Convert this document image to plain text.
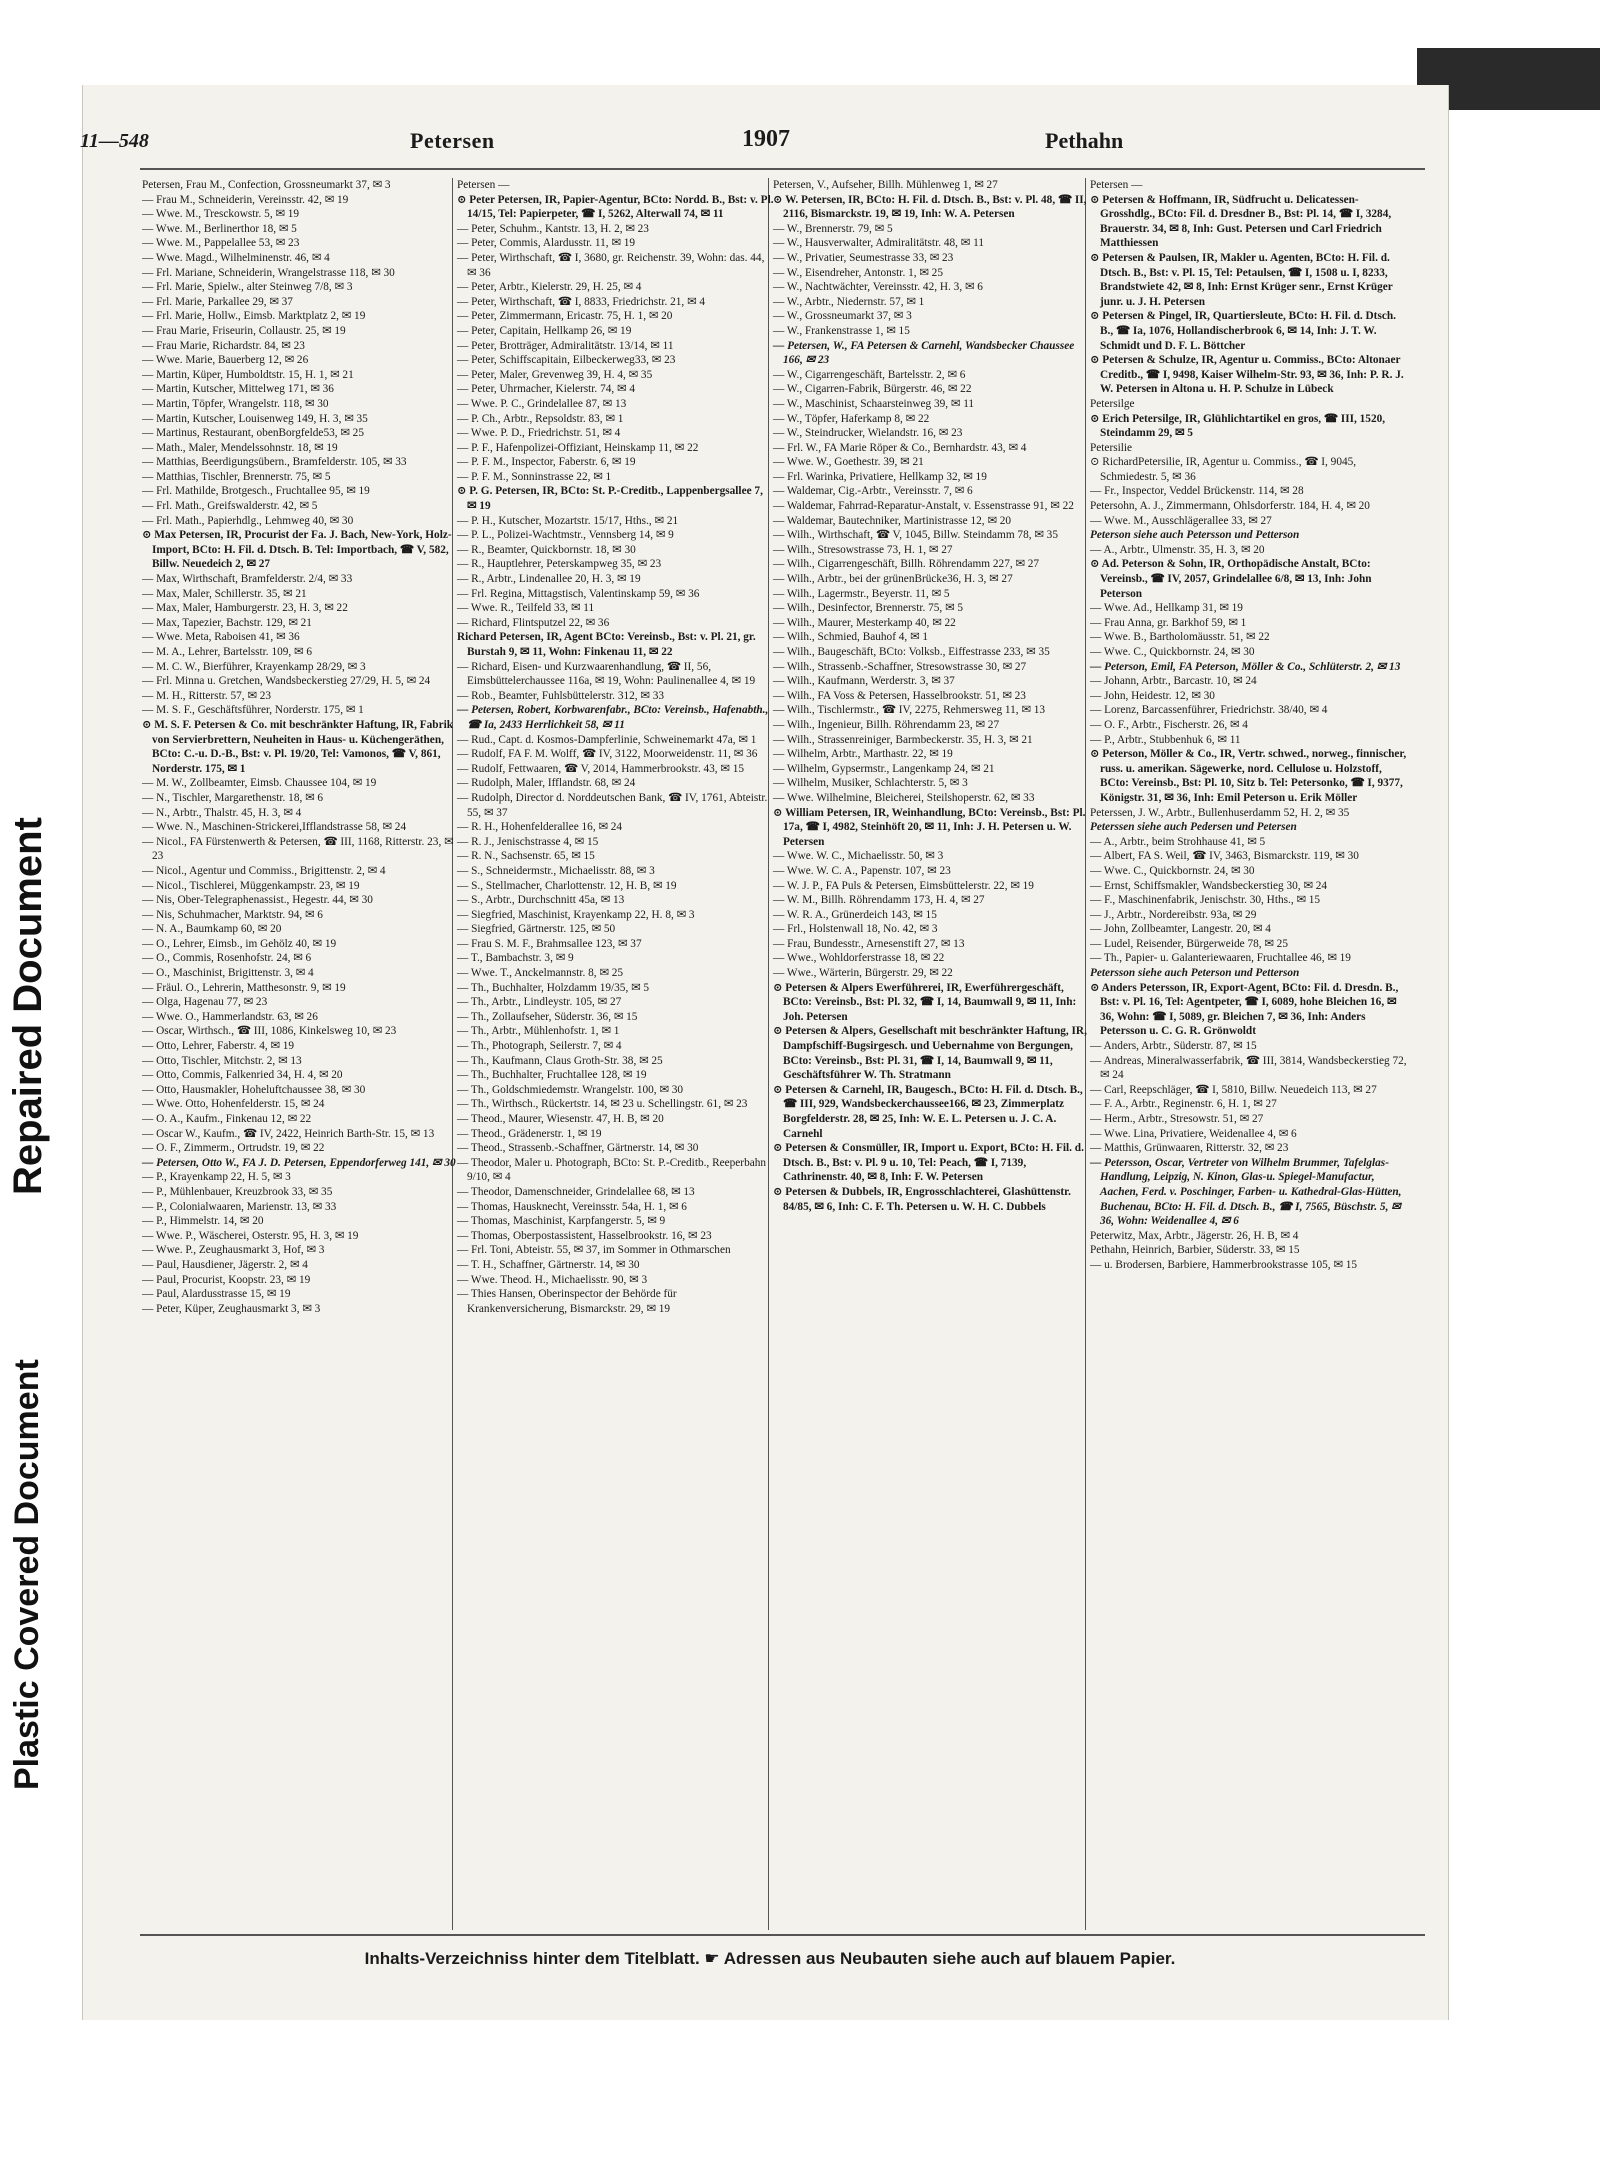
Repaired Document
Plastic Covered Document
11—548	Petersen	1907	Pethahn
Petersen, Frau M., Confection, Grossneumarkt 37, ✉ 3
— Frau M., Schneiderin, Vereinsstr. 42, ✉ 19
— Wwe. M., Tresckowstr. 5, ✉ 19
— Wwe. M., Berlinerthor 18, ✉ 5
— Wwe. M., Pappelallee 53, ✉ 23
— Wwe. Magd., Wilhelminenstr. 46, ✉ 4
— Frl. Mariane, Schneiderin, Wrangelstrasse 118, ✉ 30
— Frl. Marie, Spielw., alter Steinweg 7/8, ✉ 3
— Frl. Marie, Parkallee 29, ✉ 37
— Frl. Marie, Hollw., Eimsb. Marktplatz 2, ✉ 19
— Frau Marie, Friseurin, Collaustr. 25, ✉ 19
— Frau Marie, Richardstr. 84, ✉ 23
— Wwe. Marie, Bauerberg 12, ✉ 26
— Martin, Küper, Humboldtstr. 15, H. 1, ✉ 21
— Martin, Kutscher, Mittelweg 171, ✉ 36
— Martin, Töpfer, Wrangelstr. 118, ✉ 30
— Martin, Kutscher, Louisenweg 149, H. 3, ✉ 35
— Martinus, Restaurant, obenBorgfelde53, ✉ 25
— Math., Maler, Mendelssohnstr. 18, ✉ 19
— Matthias, Beerdigungsübern., Bramfelderstr. 105, ✉ 33
— Matthias, Tischler, Brennerstr. 75, ✉ 5
— Frl. Mathilde, Brotgesch., Fruchtallee 95, ✉ 19
— Frl. Math., Greifswalderstr. 42, ✉ 5
— Frl. Math., Papierhdlg., Lehmweg 40, ✉ 30
⊙ Max Petersen, IR, Procurist der Fa. J. Bach, New-York, Holz-Import, BCto: H. Fil. d. Dtsch. B. Tel: Importbach, ☎ V, 582, Billw. Neuedeich 2, ✉ 27
— Max, Wirthschaft, Bramfelderstr. 2/4, ✉ 33
— Max, Maler, Schillerstr. 35, ✉ 21
— Max, Maler, Hamburgerstr. 23, H. 3, ✉ 22
— Max, Tapezier, Bachstr. 129, ✉ 21
— Wwe. Meta, Raboisen 41, ✉ 36
— M. A., Lehrer, Bartelsstr. 109, ✉ 6
— M. C. W., Bierführer, Krayenkamp 28/29, ✉ 3
— Frl. Minna u. Gretchen, Wandsbeckerstieg 27/29, H. 5, ✉ 24
— M. H., Ritterstr. 57, ✉ 23
— M. S. F., Geschäftsführer, Norderstr. 175, ✉ 1
⊙ M. S. F. Petersen & Co. mit beschränkter Haftung, IR, Fabrik von Servierbrettern, Neuheiten in Haus- u. Küchengeräthen, BCto: C.-u. D.-B., Bst: v. Pl. 19/20, Tel: Vamonos, ☎ V, 861, Norderstr. 175, ✉ 1
— M. W., Zollbeamter, Eimsb. Chaussee 104, ✉ 19
— N., Tischler, Margarethenstr. 18, ✉ 6
— N., Arbtr., Thalstr. 45, H. 3, ✉ 4
— Wwe. N., Maschinen-Strickerei,Ifflandstrasse 58, ✉ 24
— Nicol., FA Fürstenwerth & Petersen, ☎ III, 1168, Ritterstr. 23, ✉ 23
— Nicol., Agentur und Commiss., Brigittenstr. 2, ✉ 4
— Nicol., Tischlerei, Müggenkampstr. 23, ✉ 19
— Nis, Ober-Telegraphenassist., Hegestr. 44, ✉ 30
— Nis, Schuhmacher, Marktstr. 94, ✉ 6
— N. A., Baumkamp 60, ✉ 20
— O., Lehrer, Eimsb., im Gehölz 40, ✉ 19
— O., Commis, Rosenhofstr. 24, ✉ 6
— O., Maschinist, Brigittenstr. 3, ✉ 4
— Fräul. O., Lehrerin, Matthesonstr. 9, ✉ 19
— Olga, Hagenau 77, ✉ 23
— Wwe. O., Hammerlandstr. 63, ✉ 26
— Oscar, Wirthsch., ☎ III, 1086, Kinkelsweg 10, ✉ 23
— Otto, Lehrer, Faberstr. 4, ✉ 19
— Otto, Tischler, Mitchstr. 2, ✉ 13
— Otto, Commis, Falkenried 34, H. 4, ✉ 20
— Otto, Hausmakler, Hoheluftchaussee 38, ✉ 30
— Wwe. Otto, Hohenfelderstr. 15, ✉ 24
— O. A., Kaufm., Finkenau 12, ✉ 22
— Oscar W., Kaufm., ☎ IV, 2422, Heinrich Barth-Str. 15, ✉ 13
— O. F., Zimmerm., Ortrudstr. 19, ✉ 22
— Petersen, Otto W., FA J. D. Petersen, Eppendorferweg 141, ✉ 30
— P., Krayenkamp 22, H. 5, ✉ 3
— P., Mühlenbauer, Kreuzbrook 33, ✉ 35
— P., Colonialwaaren, Marienstr. 13, ✉ 33
— P., Himmelstr. 14, ✉ 20
— Wwe. P., Wäscherei, Osterstr. 95, H. 3, ✉ 19
— Wwe. P., Zeughausmarkt 3, Hof, ✉ 3
— Paul, Hausdiener, Jägerstr. 2, ✉ 4
— Paul, Procurist, Koopstr. 23, ✉ 19
— Paul, Alardusstrasse 15, ✉ 19
— Peter, Küper, Zeughausmarkt 3, ✉ 3
Petersen —
⊙ Peter Petersen, IR, Papier-Agentur, BCto: Nordd. B., Bst: v. Pl. 14/15, Tel: Papierpeter, ☎ I, 5262, Alterwall 74, ✉ 11
— Peter, Schuhm., Kantstr. 13, H. 2, ✉ 23
— Peter, Commis, Alardusstr. 11, ✉ 19
— Peter, Wirthschaft, ☎ I, 3680, gr. Reichenstr. 39, Wohn: das. 44, ✉ 36
— Peter, Arbtr., Kielerstr. 29, H. 25, ✉ 4
— Peter, Wirthschaft, ☎ I, 8833, Friedrichstr. 21, ✉ 4
— Peter, Zimmermann, Ericastr. 75, H. 1, ✉ 20
— Peter, Capitain, Hellkamp 26, ✉ 19
— Peter, Brotträger, Admiralitätstr. 13/14, ✉ 11
— Peter, Schiffscapitain, Eilbeckerweg33, ✉ 23
— Peter, Maler, Grevenweg 39, H. 4, ✉ 35
— Peter, Uhrmacher, Kielerstr. 74, ✉ 4
— Wwe. P. C., Grindelallee 87, ✉ 13
— P. Ch., Arbtr., Repsoldstr. 83, ✉ 1
— Wwe. P. D., Friedrichstr. 51, ✉ 4
— P. F., Hafenpolizei-Offiziant, Heinskamp 11, ✉ 22
— P. F. M., Inspector, Faberstr. 6, ✉ 19
— P. F. M., Sonninstrasse 22, ✉ 1
⊙ P. G. Petersen, IR, BCto: St. P.-Creditb., Lappenbergsallee 7, ✉ 19
— P. H., Kutscher, Mozartstr. 15/17, Hths., ✉ 21
— P. L., Polizei-Wachtmstr., Vennsberg 14, ✉ 9
— R., Beamter, Quickbornstr. 18, ✉ 30
— R., Hauptlehrer, Peterskampweg 35, ✉ 23
— R., Arbtr., Lindenallee 20, H. 3, ✉ 19
— Frl. Regina, Mittagstisch, Valentinskamp 59, ✉ 36
— Wwe. R., Teilfeld 33, ✉ 11
— Richard, Flintsputzel 22, ✉ 36
Richard Petersen, IR, Agent BCto: Vereinsb., Bst: v. Pl. 21, gr. Burstah 9, ✉ 11, Wohn: Finkenau 11, ✉ 22
— Richard, Eisen- und Kurzwaarenhandlung, ☎ II, 56, Eimsbüttelerchaussee 116a, ✉ 19, Wohn: Paulinenallee 4, ✉ 19
— Rob., Beamter, Fuhlsbüttelerstr. 312, ✉ 33
— Petersen, Robert, Korbwarenfabr., BCto: Vereinsb., Hafenabth., ☎ Ia, 2433 Herrlichkeit 58, ✉ 11
— Rud., Capt. d. Kosmos-Dampferlinie, Schweinemarkt 47a, ✉ 1
— Rudolf, FA F. M. Wolff, ☎ IV, 3122, Moorweidenstr. 11, ✉ 36
— Rudolf, Fettwaaren, ☎ V, 2014, Hammerbrookstr. 43, ✉ 15
— Rudolph, Maler, Ifflandstr. 68, ✉ 24
— Rudolph, Director d. Norddeutschen Bank, ☎ IV, 1761, Abteistr. 55, ✉ 37
— R. H., Hohenfelderallee 16, ✉ 24
— R. J., Jenischstrasse 4, ✉ 15
— R. N., Sachsenstr. 65, ✉ 15
— S., Schneidermstr., Michaelisstr. 88, ✉ 3
— S., Stellmacher, Charlottenstr. 12, H. B, ✉ 19
— S., Arbtr., Durchschnitt 45a, ✉ 13
— Siegfried, Maschinist, Krayenkamp 22, H. 8, ✉ 3
— Siegfried, Gärtnerstr. 125, ✉ 50
— Frau S. M. F., Brahmsallee 123, ✉ 37
— T., Bambachstr. 3, ✉ 9
— Wwe. T., Anckelmannstr. 8, ✉ 25
— Th., Buchhalter, Holzdamm 19/35, ✉ 5
— Th., Arbtr., Lindleystr. 105, ✉ 27
— Th., Zollaufseher, Süderstr. 36, ✉ 15
— Th., Arbtr., Mühlenhofstr. 1, ✉ 1
— Th., Photograph, Seilerstr. 7, ✉ 4
— Th., Kaufmann, Claus Groth-Str. 38, ✉ 25
— Th., Buchhalter, Fruchtallee 128, ✉ 19
— Th., Goldschmiedemstr. Wrangelstr. 100, ✉ 30
— Th., Wirthsch., Rückertstr. 14, ✉ 23 u. Schellingstr. 61, ✉ 23
— Theod., Maurer, Wiesenstr. 47, H. B, ✉ 20
— Theod., Grädenerstr. 1, ✉ 19
— Theod., Strassenb.-Schaffner, Gärtnerstr. 14, ✉ 30
— Theodor, Maler u. Photograph, BCto: St. P.-Creditb., Reeperbahn 9/10, ✉ 4
— Theodor, Damenschneider, Grindelallee 68, ✉ 13
— Thomas, Hausknecht, Vereinsstr. 54a, H. 1, ✉ 6
— Thomas, Maschinist, Karpfangerstr. 5, ✉ 9
— Thomas, Oberpostassistent, Hasselbrookstr. 16, ✉ 23
— Frl. Toni, Abteistr. 55, ✉ 37, im Sommer in Othmarschen
— T. H., Schaffner, Gärtnerstr. 14, ✉ 30
— Wwe. Theod. H., Michaelisstr. 90, ✉ 3
— Thies Hansen, Oberinspector der Behörde für Krankenversicherung, Bismarckstr. 29, ✉ 19
Petersen, V., Aufseher, Billh. Mühlenweg 1, ✉ 27
⊙ W. Petersen, IR, BCto: H. Fil. d. Dtsch. B., Bst: v. Pl. 48, ☎ II, 2116, Bismarckstr. 19, ✉ 19, Inh: W. A. Petersen
— W., Brennerstr. 79, ✉ 5
— W., Hausverwalter, Admiralitätstr. 48, ✉ 11
— W., Privatier, Seumestrasse 33, ✉ 23
— W., Eisendreher, Antonstr. 1, ✉ 25
— W., Nachtwächter, Vereinsstr. 42, H. 3, ✉ 6
— W., Arbtr., Niedernstr. 57, ✉ 1
— W., Grossneumarkt 37, ✉ 3
— W., Frankenstrasse 1, ✉ 15
— Petersen, W., FA Petersen & Carnehl, Wandsbecker Chaussee 166, ✉ 23
— W., Cigarrengeschäft, Bartelsstr. 2, ✉ 6
— W., Cigarren-Fabrik, Bürgerstr. 46, ✉ 22
— W., Maschinist, Schaarsteinweg 39, ✉ 11
— W., Töpfer, Haferkamp 8, ✉ 22
— W., Steindrucker, Wielandstr. 16, ✉ 23
— Frl. W., FA Marie Röper & Co., Bernhardstr. 43, ✉ 4
— Wwe. W., Goethestr. 39, ✉ 21
— Frl. Warinka, Privatiere, Hellkamp 32, ✉ 19
— Waldemar, Cig.-Arbtr., Vereinsstr. 7, ✉ 6
— Waldemar, Fahrrad-Reparatur-Anstalt, v. Essenstrasse 91, ✉ 22
— Waldemar, Bautechniker, Martinistrasse 12, ✉ 20
— Wilh., Wirthschaft, ☎ V, 1045, Billw. Steindamm 78, ✉ 35
— Wilh., Stresowstrasse 73, H. 1, ✉ 27
— Wilh., Cigarrengeschäft, Billh. Röhrendamm 227, ✉ 27
— Wilh., Arbtr., bei der grünenBrücke36, H. 3, ✉ 27
— Wilh., Lagermstr., Beyerstr. 11, ✉ 5
— Wilh., Desinfector, Brennerstr. 75, ✉ 5
— Wilh., Maurer, Mesterkamp 40, ✉ 22
— Wilh., Schmied, Bauhof 4, ✉ 1
— Wilh., Baugeschäft, BCto: Volksb., Eiffestrasse 233, ✉ 35
— Wilh., Strassenb.-Schaffner, Stresowstrasse 30, ✉ 27
— Wilh., Kaufmann, Werderstr. 3, ✉ 37
— Wilh., FA Voss & Petersen, Hasselbrookstr. 51, ✉ 23
— Wilh., Tischlermstr., ☎ IV, 2275, Rehmersweg 11, ✉ 13
— Wilh., Ingenieur, Billh. Röhrendamm 23, ✉ 27
— Wilh., Strassenreiniger, Barmbeckerstr. 35, H. 3, ✉ 21
— Wilhelm, Arbtr., Marthastr. 22, ✉ 19
— Wilhelm, Gypsermstr., Langenkamp 24, ✉ 21
— Wilhelm, Musiker, Schlachterstr. 5, ✉ 3
— Wwe. Wilhelmine, Bleicherei, Steilshoperstr. 62, ✉ 33
⊙ William Petersen, IR, Weinhandlung, BCto: Vereinsb., Bst: Pl. 17a, ☎ I, 4982, Steinhöft 20, ✉ 11, Inh: J. H. Petersen u. W. Petersen
— Wwe. W. C., Michaelisstr. 50, ✉ 3
— Wwe. W. C. A., Papenstr. 107, ✉ 23
— W. J. P., FA Puls & Petersen, Eimsbüttelerstr. 22, ✉ 19
— W. M., Billh. Röhrendamm 173, H. 4, ✉ 27
— W. R. A., Grünerdeich 143, ✉ 15
— Frl., Holstenwall 18, No. 42, ✉ 3
— Frau, Bundesstr., Arnesenstift 27, ✉ 13
— Wwe., Wohldorferstrasse 18, ✉ 22
— Wwe., Wärterin, Bürgerstr. 29, ✉ 22
⊙ Petersen & Alpers Ewerführerei, IR, Ewerführergeschäft, BCto: Vereinsb., Bst: Pl. 32, ☎ I, 14, Baumwall 9, ✉ 11, Inh: Joh. Petersen
⊙ Petersen & Alpers, Gesellschaft mit beschränkter Haftung, IR, Dampfschiff-Bugsirgesch. und Uebernahme von Bergungen, BCto: Vereinsb., Bst: Pl. 31, ☎ I, 14, Baumwall 9, ✉ 11, Geschäftsführer W. Th. Stratmann
⊙ Petersen & Carnehl, IR, Baugesch., BCto: H. Fil. d. Dtsch. B., ☎ III, 929, Wandsbeckerchaussee166, ✉ 23, Zimmerplatz Borgfelderstr. 28, ✉ 25, Inh: W. E. L. Petersen u. J. C. A. Carnehl
⊙ Petersen & Consmüller, IR, Import u. Export, BCto: H. Fil. d. Dtsch. B., Bst: v. Pl. 9 u. 10, Tel: Peach, ☎ I, 7139, Cathrinenstr. 40, ✉ 8, Inh: F. W. Petersen
⊙ Petersen & Dubbels, IR, Engrosschlachterei, Glashüttenstr. 84/85, ✉ 6, Inh: C. F. Th. Petersen u. W. H. C. Dubbels
Petersen —
⊙ Petersen & Hoffmann, IR, Südfrucht u. Delicatessen-Grosshdlg., BCto: Fil. d. Dresdner B., Bst: Pl. 14, ☎ I, 3284, Brauerstr. 34, ✉ 8, Inh: Gust. Petersen und Carl Friedrich Matthiessen
⊙ Petersen & Paulsen, IR, Makler u. Agenten, BCto: H. Fil. d. Dtsch. B., Bst: v. Pl. 15, Tel: Petaulsen, ☎ I, 1508 u. I, 8233, Brandstwiete 42, ✉ 8, Inh: Ernst Krüger senr., Ernst Krüger junr. u. J. H. Petersen
⊙ Petersen & Pingel, IR, Quartiersleute, BCto: H. Fil. d. Dtsch. B., ☎ Ia, 1076, Hollandischerbrook 6, ✉ 14, Inh: J. T. W. Schmidt und D. F. L. Böttcher
⊙ Petersen & Schulze, IR, Agentur u. Commiss., BCto: Altonaer Creditb., ☎ I, 9498, Kaiser Wilhelm-Str. 93, ✉ 36, Inh: P. R. J. W. Petersen in Altona u. H. P. Schulze in Lübeck
Petersilge
⊙ Erich Petersilge, IR, Glühlichtartikel en gros, ☎ III, 1520, Steindamm 29, ✉ 5
Petersilie
⊙ RichardPetersilie, IR, Agentur u. Commiss., ☎ I, 9045, Schmiedestr. 5, ✉ 36
— Fr., Inspector, Veddel Brückenstr. 114, ✉ 28
Petersohn, A. J., Zimmermann, Ohlsdorferstr. 184, H. 4, ✉ 20
— Wwe. M., Ausschlägerallee 33, ✉ 27
Peterson siehe auch Petersson und Petterson
— A., Arbtr., Ulmenstr. 35, H. 3, ✉ 20
⊙ Ad. Peterson & Sohn, IR, Orthopädische Anstalt, BCto: Vereinsb., ☎ IV, 2057, Grindelallee 6/8, ✉ 13, Inh: John Peterson
— Wwe. Ad., Hellkamp 31, ✉ 19
— Frau Anna, gr. Barkhof 59, ✉ 1
— Wwe. B., Bartholomäusstr. 51, ✉ 22
— Wwe. C., Quickbornstr. 24, ✉ 30
— Peterson, Emil, FA Peterson, Möller & Co., Schlüterstr. 2, ✉ 13
— Johann, Arbtr., Barcastr. 10, ✉ 24
— John, Heidestr. 12, ✉ 30
— Lorenz, Barcassenführer, Friedrichstr. 38/40, ✉ 4
— O. F., Arbtr., Fischerstr. 26, ✉ 4
— P., Arbtr., Stubbenhuk 6, ✉ 11
⊙ Peterson, Möller & Co., IR, Vertr. schwed., norweg., finnischer, russ. u. amerikan. Sägewerke, nord. Cellulose u. Holzstoff, BCto: Vereinsb., Bst: Pl. 10, Sitz b. Tel: Petersonko, ☎ I, 9377, Königstr. 31, ✉ 36, Inh: Emil Peterson u. Erik Möller
Peterssen, J. W., Arbtr., Bullenhuserdamm 52, H. 2, ✉ 35
Peterssen siehe auch Pedersen und Petersen
— A., Arbtr., beim Strohhause 41, ✉ 5
— Albert, FA S. Weil, ☎ IV, 3463, Bismarckstr. 119, ✉ 30
— Wwe. C., Quickbornstr. 24, ✉ 30
— Ernst, Schiffsmakler, Wandsbeckerstieg 30, ✉ 24
— F., Maschinenfabrik, Jenischstr. 30, Hths., ✉ 15
— J., Arbtr., Nordereibstr. 93a, ✉ 29
— John, Zollbeamter, Langestr. 20, ✉ 4
— Ludel, Reisender, Bürgerweide 78, ✉ 25
— Th., Papier- u. Galanteriewaaren, Fruchtallee 46, ✉ 19
Petersson siehe auch Peterson und Petterson
⊙ Anders Petersson, IR, Export-Agent, BCto: Fil. d. Dresdn. B., Bst: v. Pl. 16, Tel: Agentpeter, ☎ I, 6089, hohe Bleichen 16, ✉ 36, Wohn: ☎ I, 5089, gr. Bleichen 7, ✉ 36, Inh: Anders Petersson u. C. G. R. Grönwoldt
— Anders, Arbtr., Süderstr. 87, ✉ 15
— Andreas, Mineralwasserfabrik, ☎ III, 3814, Wandsbeckerstieg 72, ✉ 24
— Carl, Reepschläger, ☎ I, 5810, Billw. Neuedeich 113, ✉ 27
— F. A., Arbtr., Reginenstr. 6, H. 1, ✉ 27
— Herm., Arbtr., Stresowstr. 51, ✉ 27
— Wwe. Lina, Privatiere, Weidenallee 4, ✉ 6
— Matthis, Grünwaaren, Ritterstr. 32, ✉ 23
— Petersson, Oscar, Vertreter von Wilhelm Brummer, Tafelglas-Handlung, Leipzig, N. Kinon, Glas-u. Spiegel-Manufactur, Aachen, Ferd. v. Poschinger, Farben- u. Kathedral-Glas-Hütten, Buchenau, BCto: H. Fil. d. Dtsch. B., ☎ I, 7565, Büschstr. 5, ✉ 36, Wohn: Weidenallee 4, ✉ 6
Peterwitz, Max, Arbtr., Jägerstr. 26, H. B, ✉ 4
Pethahn, Heinrich, Barbier, Süderstr. 33, ✉ 15
— u. Brodersen, Barbiere, Hammerbrookstrasse 105, ✉ 15
Inhalts-Verzeichniss hinter dem Titelblatt. ☛ Adressen aus Neubauten siehe auch auf blauem Papier.
